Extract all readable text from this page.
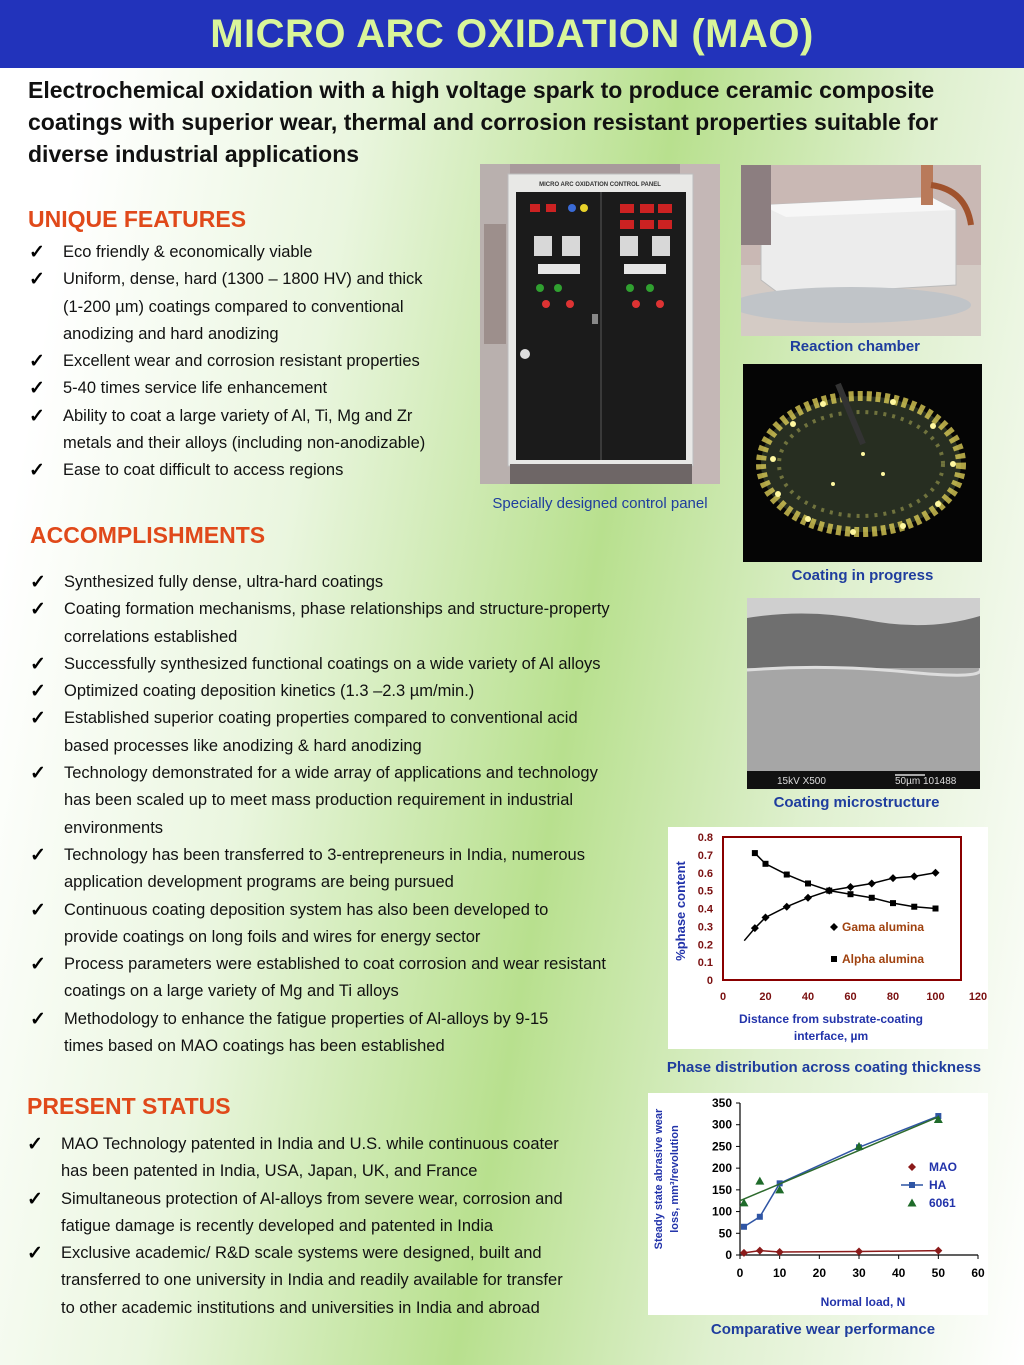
MICRO ARC OXIDATION (MAO)

Electrochemical oxidation with a high voltage spark to produce ceramic composite coatings with superior wear, thermal and corrosion resistant properties suitable for diverse industrial applications

UNIQUE FEATURES
✓ Eco friendly & economically viable
✓ Uniform, dense, hard (1300 – 1800 HV) and thick
(1-200 µm) coatings compared to conventional
anodizing and hard anodizing
✓ Excellent wear and corrosion resistant properties
✓ 5-40 times service life enhancement
✓ Ability to coat a large variety of Al, Ti, Mg and Zr
metals and their alloys (including non-anodizable)
✓ Ease to coat difficult to access regions
ACCOMPLISHMENTS
✓ Synthesized fully dense, ultra-hard coatings
✓ Coating formation mechanisms, phase relationships and structure-property
correlations established
✓ Successfully synthesized functional coatings on a wide variety of Al alloys
✓ Optimized coating deposition kinetics (1.3 –2.3 µm/min.)
✓ Established superior coating properties compared to conventional acid
based processes like anodizing & hard anodizing
✓ Technology demonstrated for a wide array of applications and technology
has been scaled up to meet mass production requirement in industrial
environments
✓ Technology has been transferred to 3-entrepreneurs in India, numerous
application development programs are being pursued
✓ Continuous coating deposition system has also been developed to
provide coatings on long foils and wires for energy sector
✓ Process parameters were established to coat corrosion and wear resistant
coatings on a large variety of Mg and Ti alloys
✓ Methodology to enhance the fatigue properties of Al-alloys by 9-15
times based on MAO coatings has been established
PRESENT STATUS
✓ MAO Technology patented in India and U.S. while continuous coater
has been patented in India, USA, Japan, UK, and France
✓ Simultaneous protection of Al-alloys from severe wear, corrosion and
fatigue damage is recently developed and patented in India
✓ Exclusive academic/ R&D scale systems were designed, built and
transferred to one university in India and readily available for transfer
to other academic institutions and universities in India and abroad
MICRO ARC OXIDATION CONTROL PANEL
Specially designed control panel
Reaction chamber
Coating in progress
15kV X500	50µm 101488
Coating microstructure
0
0.1
0.2
0.3
0.4
0.5
0.6
0.7
0.8
0	20	40	60	80 100 120
Distance from substrate-coating
interface, µm
%phase content	Gama alumina
Alpha alumina
Phase distribution across coating thickness
0
50
100
150
200
250
300
350
0 10 20 30 40 50 60
Normal load, N
Steady state abrasive wear loss, mm³/revolution	MAO
HA
6061
Comparative wear performance
